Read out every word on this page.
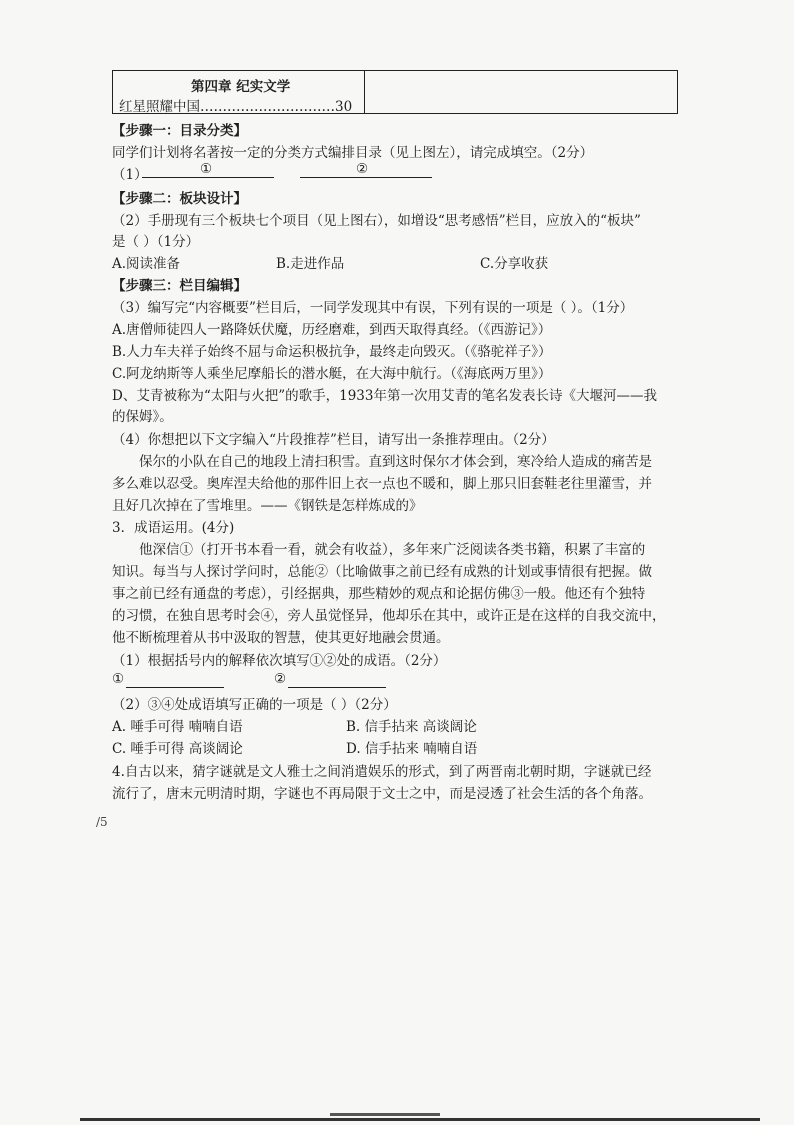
第四章 纪实文学
红星照耀中国…………………………30
【步骤一：目录分类】
同学们计划将名著按一定的分类方式编排目录（见上图左），请完成填空。（2分）
（1）	①	②
【步骤二：板块设计】
（2）手册现有三个板块七个项目（见上图右），如增设“思考感悟”栏目，应放入的“板块”
是（ ）（1分）
A.阅读准备	B.走进作品	C.分享收获
【步骤三：栏目编辑】
（3）编写完“内容概要”栏目后，一同学发现其中有误，下列有误的一项是（ ）。（1分）
A.唐僧师徒四人一路降妖伏魔，历经磨难，到西天取得真经。（《西游记》）
B.人力车夫祥子始终不屈与命运积极抗争，最终走向毁灭。（《骆驼祥子》）
C.阿龙纳斯等人乘坐尼摩船长的潜水艇，在大海中航行。（《海底两万里》）
D、艾青被称为“太阳与火把”的歌手，1933年第一次用艾青的笔名发表长诗《大堰河——我
的保姆》。
（4）你想把以下文字编入“片段推荐”栏目，请写出一条推荐理由。（2分）
保尔的小队在自己的地段上清扫积雪。直到这时保尔才体会到，寒冷给人造成的痛苦是
多么难以忍受。奥库涅夫给他的那件旧上衣一点也不暖和，脚上那只旧套鞋老往里灌雪，并
且好几次掉在了雪堆里。——《钢铁是怎样炼成的》
3．成语运用。(4分)
他深信①（打开书本看一看，就会有收益），多年来广泛阅读各类书籍，积累了丰富的
知识。每当与人探讨学问时，总能②（比喻做事之前已经有成熟的计划或事情很有把握。做
事之前已经有通盘的考虑），引经据典，那些精妙的观点和论据仿佛③一般。他还有个独特
的习惯，在独自思考时会④，旁人虽觉怪异，他却乐在其中，或许正是在这样的自我交流中，
他不断梳理着从书中汲取的智慧，使其更好地融会贯通。
（1）根据括号内的解释依次填写①②处的成语。（2分）
①	②
（2）③④处成语填写正确的一项是（ ）（2分）
A. 唾手可得 喃喃自语	B. 信手拈来 高谈阔论
C. 唾手可得 高谈阔论	D. 信手拈来 喃喃自语
4.自古以来，猜字谜就是文人雅士之间消遣娱乐的形式，到了两晋南北朝时期，字谜就已经
流行了，唐末元明清时期，字谜也不再局限于文士之中，而是浸透了社会生活的各个角落。
/5
